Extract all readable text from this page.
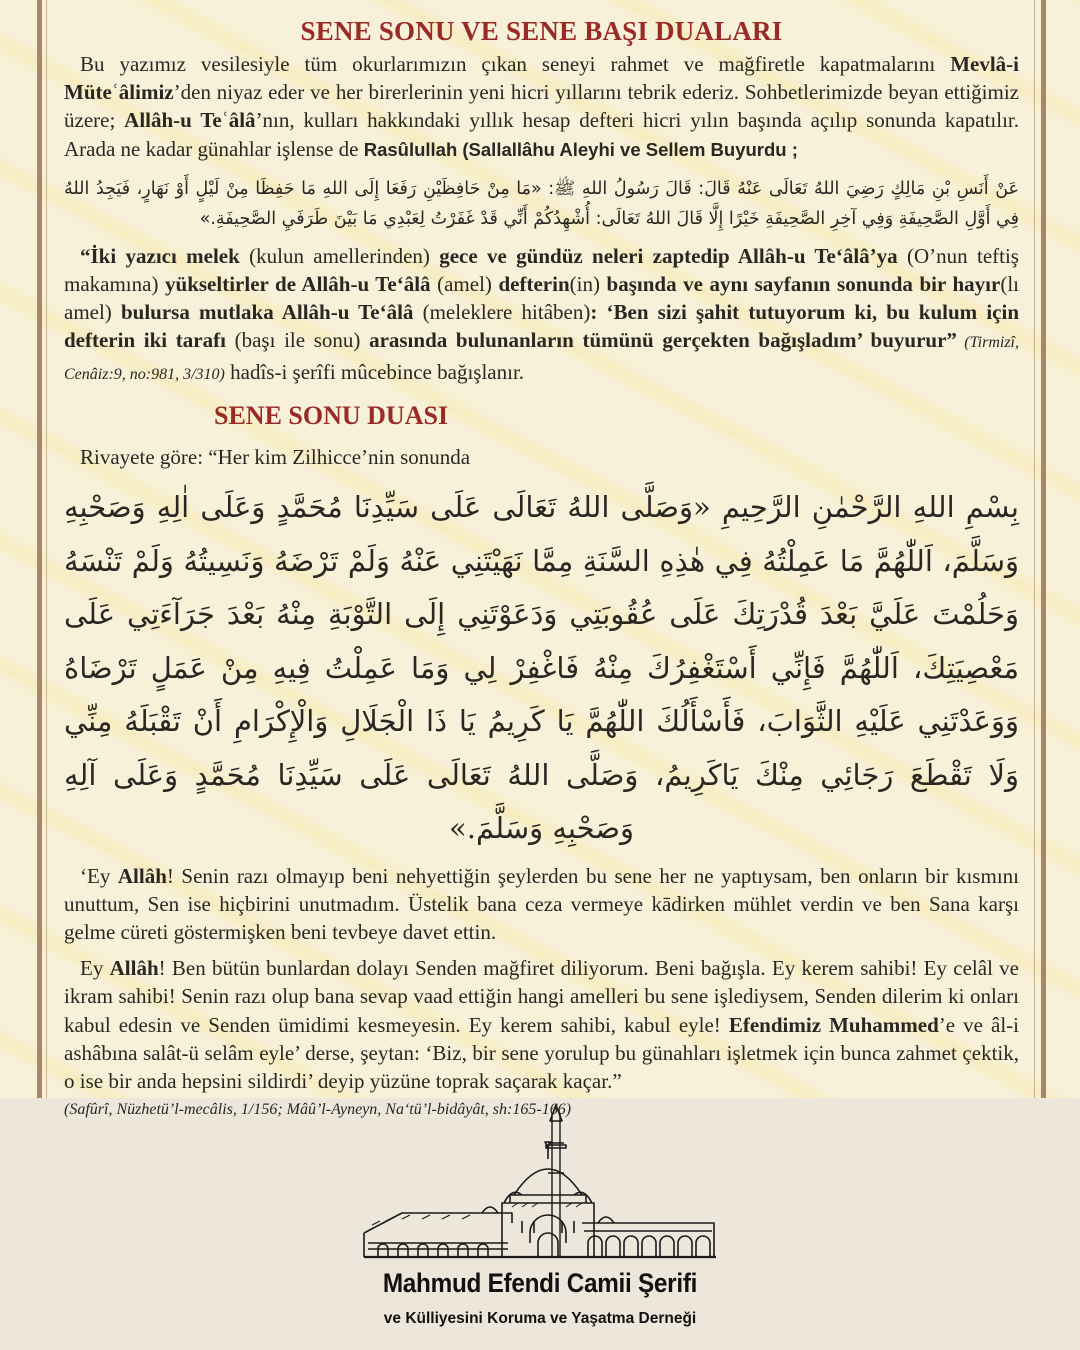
SENE SONU VE SENE BAŞI DUALARI

Bu yazımız vesilesiyle tüm okurlarımızın çıkan seneyi rahmet ve mağfiretle kapatmalarını Mevlâ-i Müteʿâlimiz’den niyaz eder ve her birerlerinin yeni hicri yıllarını tebrik ederiz. Sohbetlerimizde beyan ettiğimiz üzere; Allâh-u Teʿâlâ’nın, kulları hakkındaki yıllık hesap defteri hicri yılın başında açılıp sonunda kapatılır. Arada ne kadar günahlar işlense de Rasûlullah (Sallallâhu Aleyhi ve Sellem Buyurdu ;

عَنْ أَنَسِ بْنِ مَالِكٍ رَضِيَ اللهُ تَعَالَى عَنْهُ قَالَ: قَالَ رَسُولُ اللهِ ﷺ: «مَا مِنْ حَافِظَيْنِ رَفَعَا إِلَى اللهِ مَا حَفِظَا مِنْ لَيْلٍ أَوْ نَهَارٍ، فَيَجِدُ اللهُ فِي أَوَّلِ الصَّحِيفَةِ وَفِي آخِرِ الصَّحِيفَةِ خَيْرًا إِلَّا قَالَ اللهُ تَعَالَى: أُشْهِدُكُمْ أَنِّي قَدْ غَفَرْتُ لِعَبْدِي مَا بَيْنَ طَرَفَيِ الصَّحِيفَةِ.»

“İki yazıcı melek (kulun amellerinden) gece ve gündüz neleri zaptedip Allâh-u Te‘âlâ’ya (O’nun teftiş makamına) yükseltirler de Allâh-u Te‘âlâ (amel) defterin(in) başında ve aynı sayfanın sonunda bir hayır(lı amel) bulursa mutlaka Allâh-u Te‘âlâ (meleklere hitâben): ‘Ben sizi şahit tutuyorum ki, bu kulum için defterin iki tarafı (başı ile sonu) arasında bulunanların tümünü gerçekten bağışladım’ buyurur” (Tirmizî, Cenâiz:9, no:981, 3/310) hadîs-i şerîfi mûcebince bağışlanır.

SENE SONU DUASI

Rivayete göre: “Her kim Zilhicce’nin sonunda

بِسْمِ اللهِ الرَّحْمٰنِ الرَّحِيمِ «وَصَلَّى اللهُ تَعَالَى عَلَى سَيِّدِنَا مُحَمَّدٍ وَعَلَى اٰلِهِ وَصَحْبِهِ وَسَلَّمَ، اَللّٰهُمَّ مَا عَمِلْتُهُ فِي هٰذِهِ السَّنَةِ مِمَّا نَهَيْتَنِي عَنْهُ وَلَمْ تَرْضَهُ وَنَسِيتُهُ وَلَمْ تَنْسَهُ وَحَلُمْتَ عَلَيَّ بَعْدَ قُدْرَتِكَ عَلَى عُقُوبَتِي وَدَعَوْتَنِي إِلَى التَّوْبَةِ مِنْهُ بَعْدَ جَرَآءَتِي عَلَى مَعْصِيَتِكَ، اَللّٰهُمَّ فَإِنِّي أَسْتَغْفِرُكَ مِنْهُ فَاغْفِرْ لِي وَمَا عَمِلْتُ فِيهِ مِنْ عَمَلٍ تَرْضَاهُ وَوَعَدْتَنِي عَلَيْهِ الثَّوَابَ، فَأَسْأَلُكَ اللّٰهُمَّ يَا كَرِيمُ يَا ذَا الْجَلَالِ وَالْإِكْرَامِ أَنْ تَقْبَلَهُ مِنِّي وَلَا تَقْطَعَ رَجَائِي مِنْكَ يَاكَرِيمُ، وَصَلَّى اللهُ تَعَالَى عَلَى سَيِّدِنَا مُحَمَّدٍ وَعَلَى آلِهِ وَصَحْبِهِ وَسَلَّمَ.»

‘Ey Allâh! Senin razı olmayıp beni nehyettiğin şeylerden bu sene her ne yaptıysam, ben onların bir kısmını unuttum, Sen ise hiçbirini unutmadım. Üstelik bana ceza vermeye kādirken mühlet verdin ve ben Sana karşı gelme cüreti göstermişken beni tevbeye davet ettin.

Ey Allâh! Ben bütün bunlardan dolayı Senden mağfiret diliyorum. Beni bağışla. Ey kerem sahibi! Ey celâl ve ikram sahibi! Senin razı olup bana sevap vaad ettiğin hangi amelleri bu sene işlediysem, Senden dilerim ki onları kabul edesin ve Senden ümidimi kesmeyesin. Ey kerem sahibi, kabul eyle! Efendimiz Muhammed’e ve âl-i ashâbına salât-ü selâm eyle’ derse, şeytan: ‘Biz, bir sene yorulup bu günahları işletmek için bunca zahmet çektik, o ise bir anda hepsini sildirdi’ deyip yüzüne toprak saçarak kaçar.”

(Safûrî, Nüzhetü’l-mecâlis, 1/156; Mâû’l-Ayneyn, Na‘tü’l-bidâyât, sh:165-166)

Mahmud Efendi Camii Şerifi
ve Külliyesini Koruma ve Yaşatma Derneği
